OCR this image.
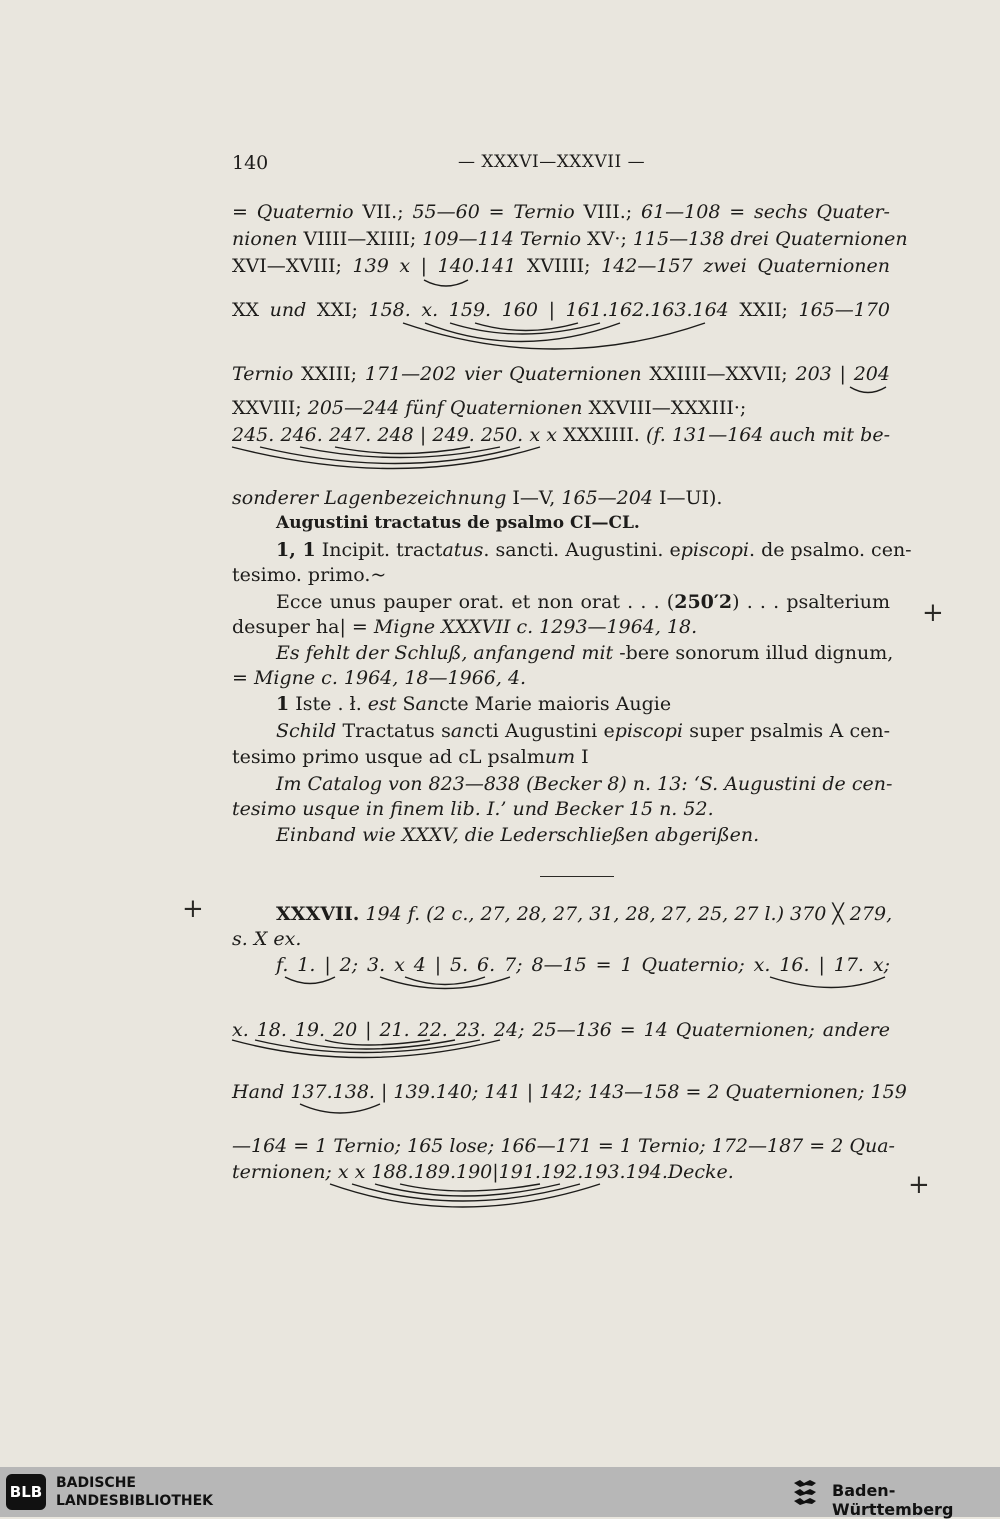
140	— XXXVI—XXXVII —
= Quaternio VII.; 55—60 = Ternio VIII.; 61—108 = sechs Quater-
nionen VIIII—XIIII; 109—114 Ternio XV·; 115—138 drei Quaternionen
XVI—XVIII; 139 x | 140.141 XVIIII; 142—157 zwei Quaternionen
XX und XXI; 158. x. 159. 160 | 161.162.163.164 XXII; 165—170
Ternio XXIII; 171—202 vier Quaternionen XXIIII—XXVII; 203 | 204
XXVIII; 205—244 fünf Quaternionen XXVIII—XXXIII·;
245. 246. 247. 248 | 249. 250. x x XXXIIII. (f. 131—164 auch mit be-
sonderer Lagenbezeichnung I—V, 165—204 I—UI).
Augustini tractatus de psalmo CI—CL.
1, 1 Incipit. tractatus. sancti. Augustini. episcopi. de psalmo. cen-
tesimo. primo.~
Ecce unus pauper orat. et non orat . . . (250′2) . . . psalterium
desuper ha| = Migne XXXVII c. 1293—1964, 18.
Es fehlt der Schluß, anfangend mit -bere sonorum illud dignum,
= Migne c. 1964, 18—1966, 4.
1 Iste . ł. est Sancte Marie maioris Augie
Schild Tractatus sancti Augustini episcopi super psalmis A cen-
tesimo primo usque ad cL psalmum I
Im Catalog von 823—838 (Becker 8) n. 13: ‘S. Augustini de cen-
tesimo usque in finem lib. I.’ und Becker 15 n. 52.
Einband wie XXXV, die Lederschließen abgerißen.
XXXVII. 194 f. (2 c., 27, 28, 27, 31, 28, 27, 25, 27 l.) 370 ╳ 279,
s. X ex.
f. 1. | 2; 3. x 4 | 5. 6. 7; 8—15 = 1 Quaternio; x. 16. | 17. x;
x. 18. 19. 20 | 21. 22. 23. 24; 25—136 = 14 Quaternionen; andere
Hand 137.138. | 139.140; 141 | 142; 143—158 = 2 Quaternionen; 159
—164 = 1 Ternio; 165 lose; 166—171 = 1 Ternio; 172—187 = 2 Qua-
ternionen; x x 188.189.190|191.192.193.194.Decke.
+
+
+
BLB BADISCHE
LANDESBIBLIOTHEK
Baden-Württemberg
